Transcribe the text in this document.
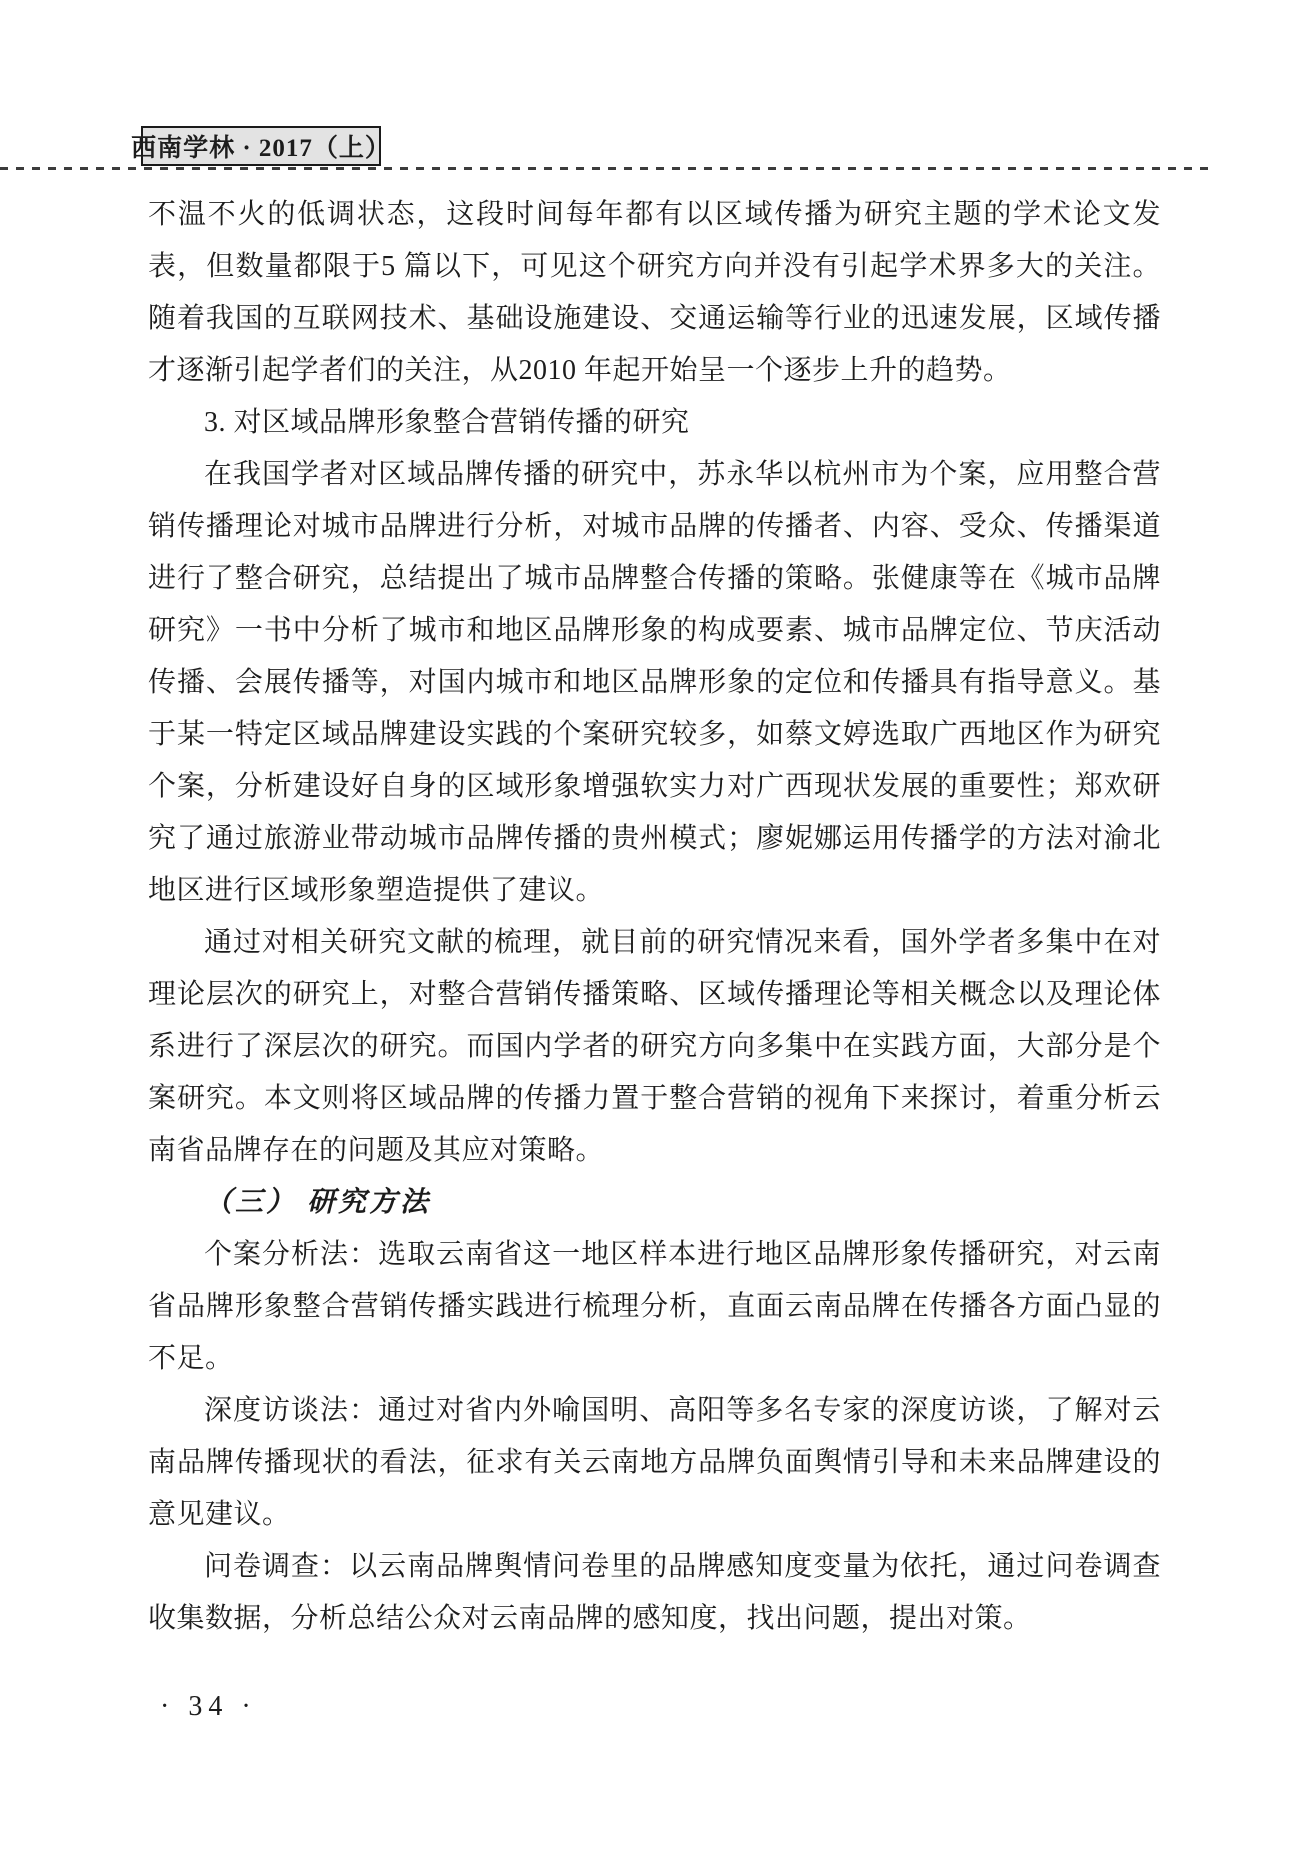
西南学林 · 2017（上）

不温不火的低调状态，这段时间每年都有以区域传播为研究主题的学术论文发表，但数量都限于5 篇以下，可见这个研究方向并没有引起学术界多大的关注。随着我国的互联网技术、基础设施建设、交通运输等行业的迅速发展，区域传播才逐渐引起学者们的关注，从2010 年起开始呈一个逐步上升的趋势。

3. 对区域品牌形象整合营销传播的研究

在我国学者对区域品牌传播的研究中，苏永华以杭州市为个案，应用整合营销传播理论对城市品牌进行分析，对城市品牌的传播者、内容、受众、传播渠道进行了整合研究，总结提出了城市品牌整合传播的策略。张健康等在《城市品牌研究》一书中分析了城市和地区品牌形象的构成要素、城市品牌定位、节庆活动传播、会展传播等，对国内城市和地区品牌形象的定位和传播具有指导意义。基于某一特定区域品牌建设实践的个案研究较多，如蔡文婷选取广西地区作为研究个案，分析建设好自身的区域形象增强软实力对广西现状发展的重要性；郑欢研究了通过旅游业带动城市品牌传播的贵州模式；廖妮娜运用传播学的方法对渝北地区进行区域形象塑造提供了建议。

通过对相关研究文献的梳理，就目前的研究情况来看，国外学者多集中在对理论层次的研究上，对整合营销传播策略、区域传播理论等相关概念以及理论体系进行了深层次的研究。而国内学者的研究方向多集中在实践方面，大部分是个案研究。本文则将区域品牌的传播力置于整合营销的视角下来探讨，着重分析云南省品牌存在的问题及其应对策略。

（三） 研究方法

个案分析法：选取云南省这一地区样本进行地区品牌形象传播研究，对云南省品牌形象整合营销传播实践进行梳理分析，直面云南品牌在传播各方面凸显的不足。

深度访谈法：通过对省内外喻国明、高阳等多名专家的深度访谈，了解对云南品牌传播现状的看法，征求有关云南地方品牌负面舆情引导和未来品牌建设的意见建议。

问卷调查：以云南品牌舆情问卷里的品牌感知度变量为依托，通过问卷调查收集数据，分析总结公众对云南品牌的感知度，找出问题，提出对策。

· 34 ·
